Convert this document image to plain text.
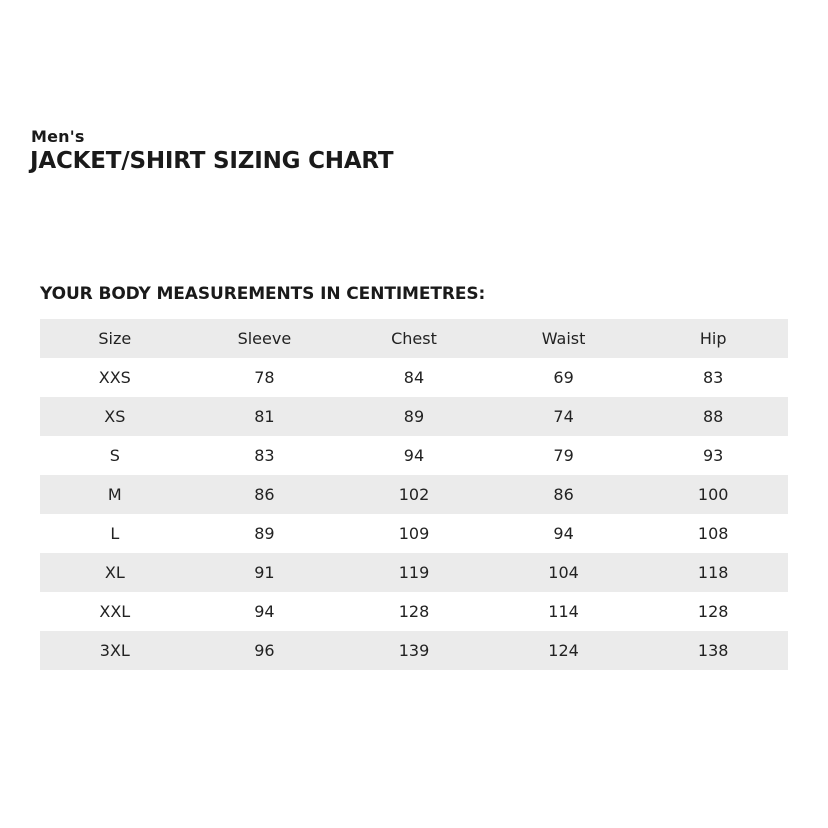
Men's
JACKET/SHIRT SIZING CHART
YOUR BODY MEASUREMENTS IN CENTIMETRES:
Size	Sleeve	Chest	Waist	Hip
XXS	78	84	69	83
XS	81	89	74	88
S	83	94	79	93
M	86	102	86	100
L	89	109	94	108
XL	91	119	104	118
XXL	94	128	114	128
3XL	96	139	124	138
